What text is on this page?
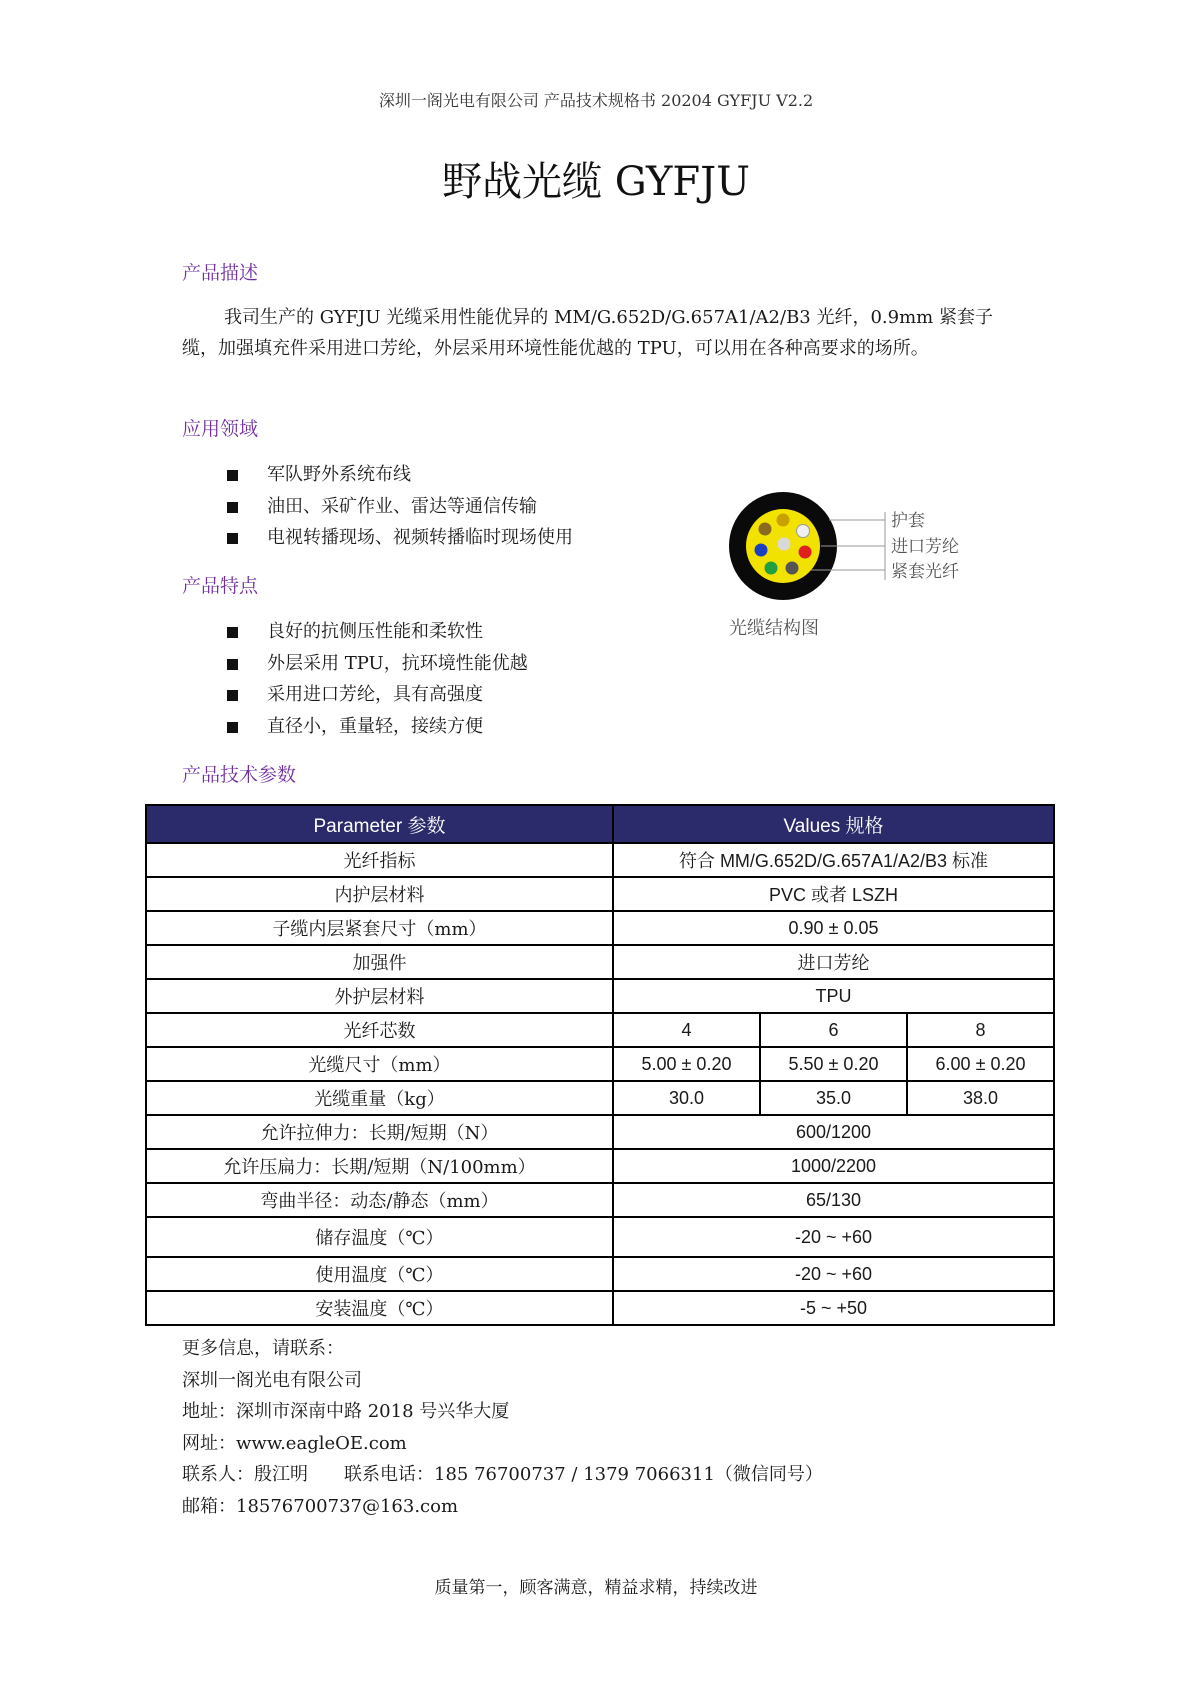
深圳一阁光电有限公司 产品技术规格书 20204 GYFJU V2.2
野战光缆 GYFJU
产品描述
我司生产的 GYFJU 光缆采用性能优异的 MM/G.652D/G.657A1/A2/B3 光纤，0.9mm 紧套子缆，加强填充件采用进口芳纶，外层采用环境性能优越的 TPU，可以用在各种高要求的场所。
应用领域
军队野外系统布线
油田、采矿作业、雷达等通信传输
电视转播现场、视频转播临时现场使用
产品特点
良好的抗侧压性能和柔软性
外层采用 TPU，抗环境性能优越
采用进口芳纶，具有高强度
直径小，重量轻，接续方便
护套
进口芳纶
紧套光纤
光缆结构图
产品技术参数
Parameter 参数	Values 规格		
光纤指标	符合 MM/G.652D/G.657A1/A2/B3 标准		
内护层材料	PVC 或者 LSZH		
子缆内层紧套尺寸（mm）	0.90 ± 0.05		
加强件	进口芳纶		
外护层材料	TPU		
光纤芯数	4	6	8
光缆尺寸（mm）	5.00 ± 0.20	5.50 ± 0.20	6.00 ± 0.20
光缆重量（kg）	30.0	35.0	38.0
允许拉伸力：长期/短期（N）	600/1200		
允许压扁力：长期/短期（N/100mm）	1000/2200		
弯曲半径：动态/静态（mm）	65/130		
储存温度（℃）	-20 ~ +60		
使用温度（℃）	-20 ~ +60		
安装温度（℃）	-5 ~ +50		
更多信息，请联系：
深圳一阁光电有限公司
地址：深圳市深南中路 2018 号兴华大厦
网址：www.eagleOE.com
联系人：殷江明 联系电话：185 76700737 / 1379 7066311（微信同号）
邮箱：18576700737@163.com
质量第一，顾客满意，精益求精，持续改进
